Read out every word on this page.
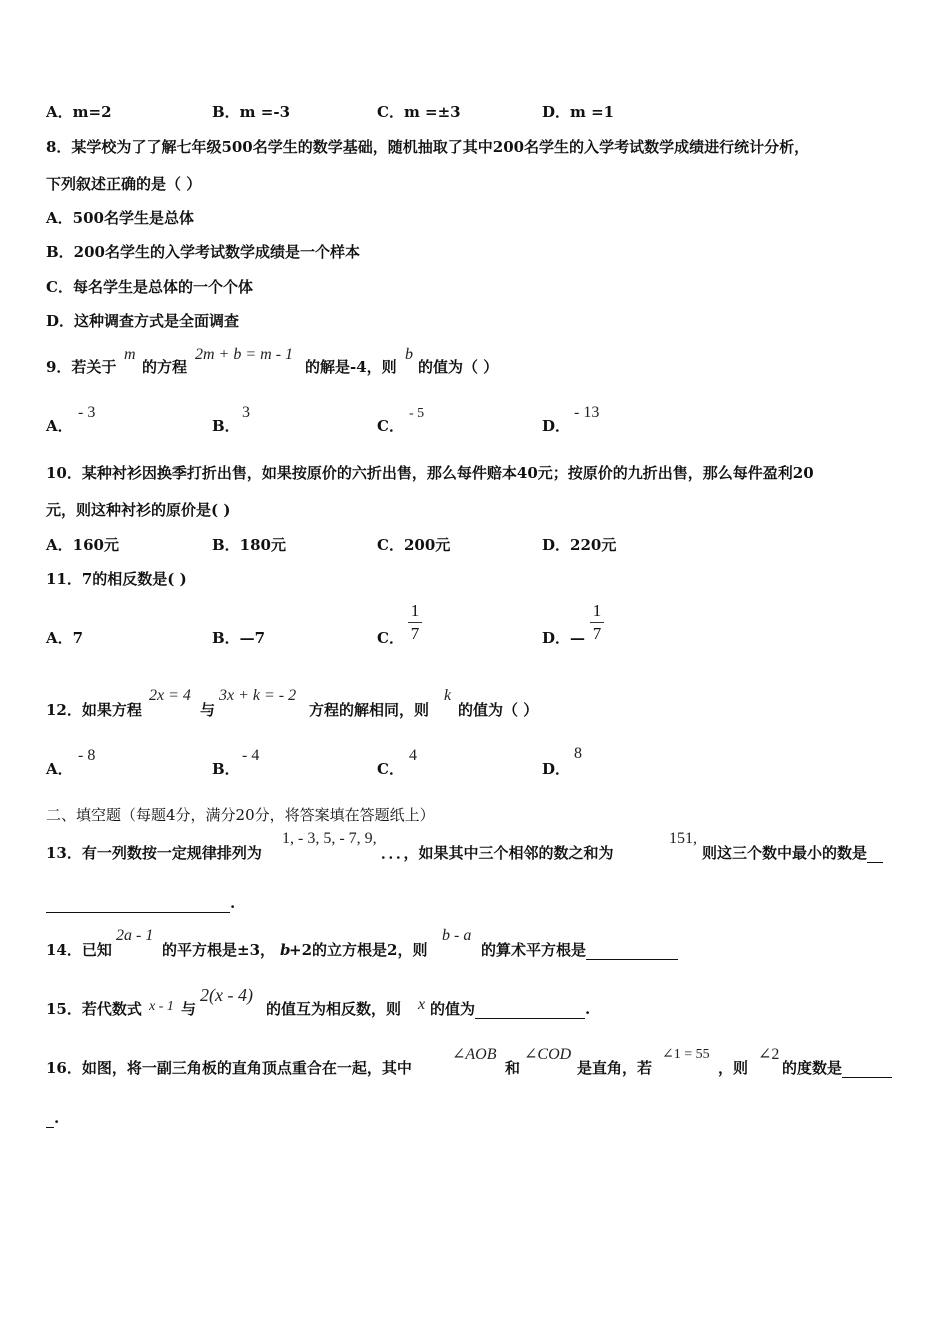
A．m=2	B．m =-3	C．m =±3	D．m =1
8．某学校为了了解七年级500名学生的数学基础，随机抽取了其中200名学生的入学考试数学成绩进行统计分析，
下列叙述正确的是（ ）
A．500名学生是总体
B．200名学生的入学考试数学成绩是一个样本
C．每名学生是总体的一个个体
D．这种调查方式是全面调查
9．若关于
m
的方程
2m + b = m - 1
的解是-4，则
b
的值为（ ）
A．
- 3
B．
3
C．
- 5
D．
- 13
10．某种衬衫因换季打折出售，如果按原价的六折出售，那么每件赔本40元；按原价的九折出售，那么每件盈利20
元，则这种衬衫的原价是( )
A．160元	B．180元	C．200元	D．220元
11．7的相反数是( )
A．7	B．—7	C．
1
7	D．—
1
7
12．如果方程
2x = 4
与
3x + k = - 2
方程的解相同，则
k
的值为（ ）
A．
- 8
B．
- 4
C．
4
D．
8
二、填空题（每题4分，满分20分，将答案填在答题纸上）
13．有一列数按一定规律排列为
1, - 3, 5, - 7, 9,
．．．，如果其中三个相邻的数之和为
151,
则这三个数中最小的数是
.
14．已知
2a - 1
的平方根是±3， b
+2的立方根是2，则
b - a
的算术平方根是
15．若代数式 x - 1 与
2(x - 4)
的值互为相反数，则 x 的值为	.
16．如图，将一副三角板的直角顶点重合在一起，其中
∠AOB
和
∠COD
是直角，若
∠1 = 55
，则
∠2
的度数是
.
